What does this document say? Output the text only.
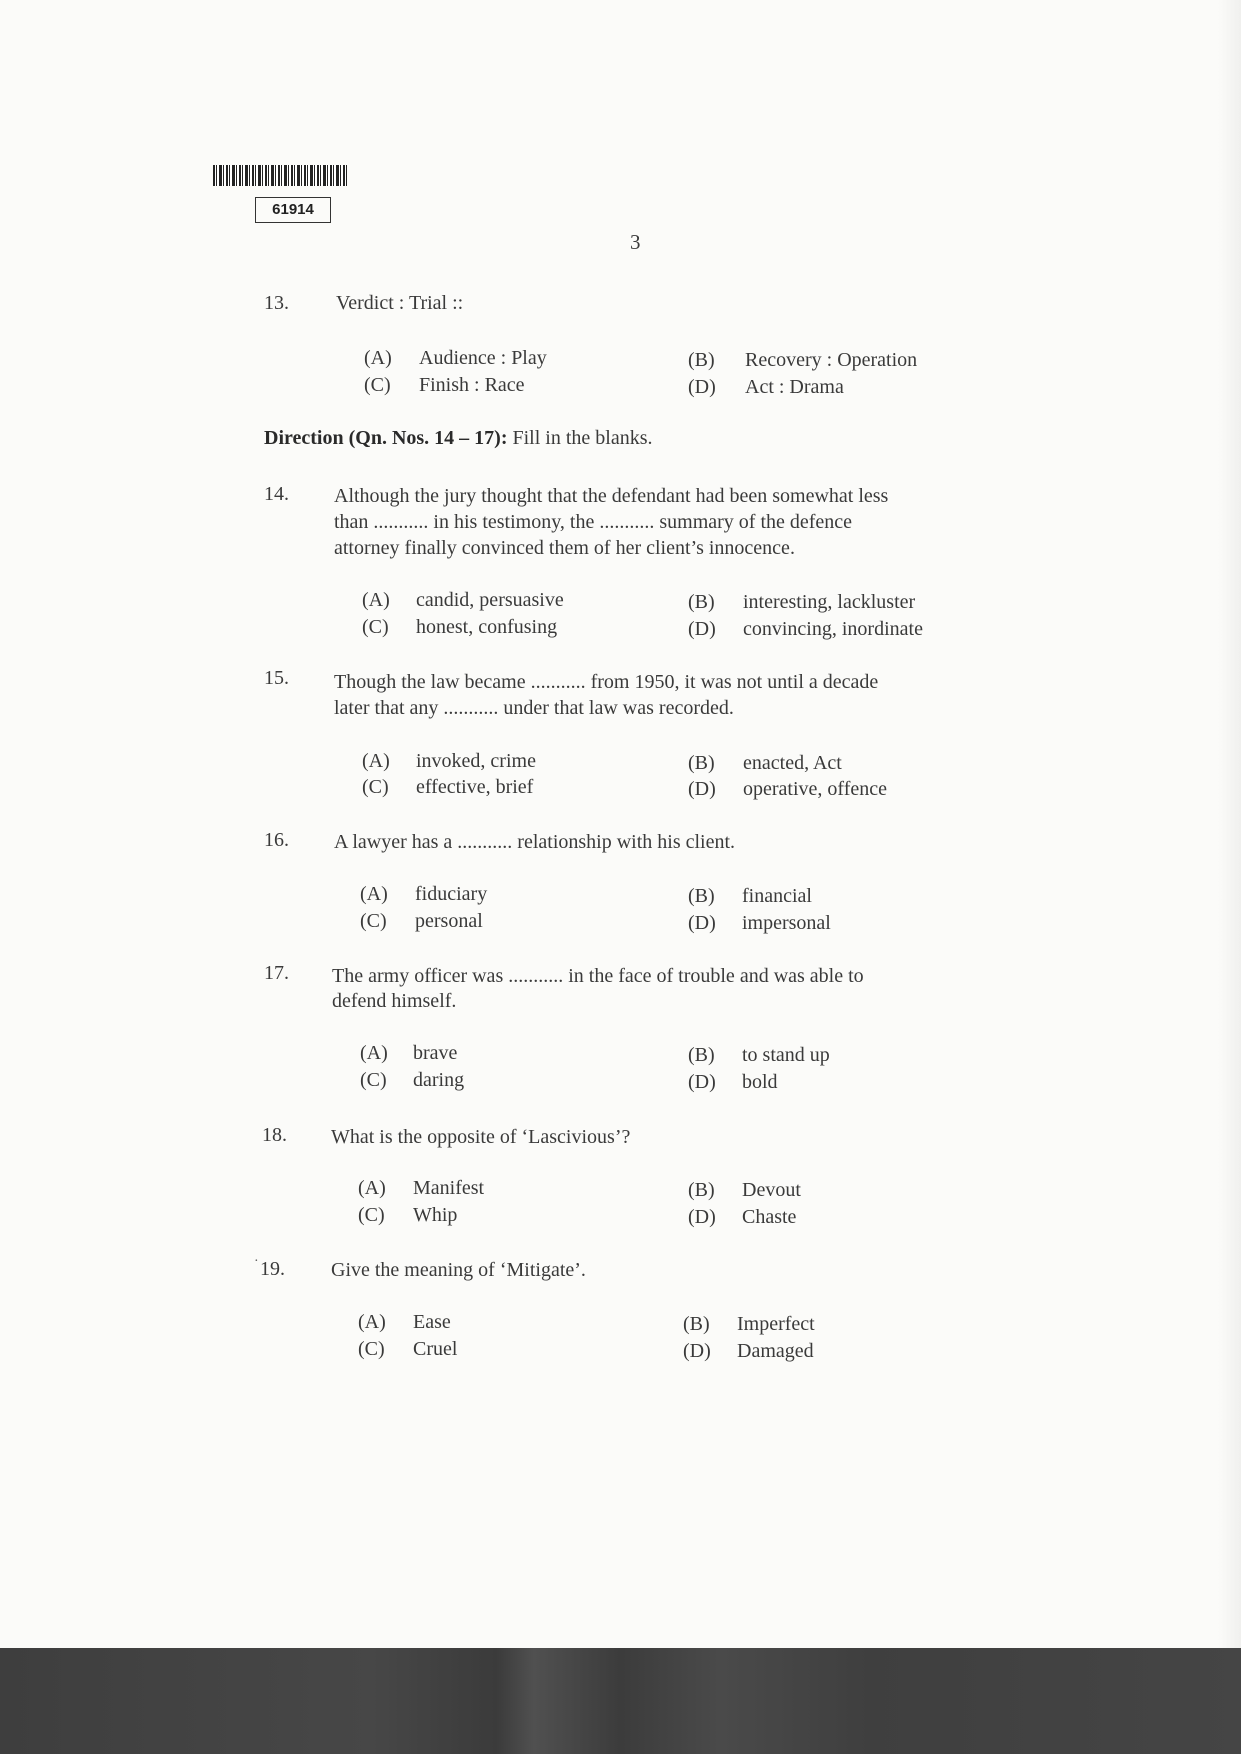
61914
3
Direction (Qn. Nos. 14 – 17): Fill in the blanks.
13. Verdict : Trial ::
(A) Audience : Play	(B) Recovery : Operation
(C) Finish : Race	(D) Act : Drama
14. Although the jury thought that the defendant had been somewhat less
than ........... in his testimony, the ........... summary of the defence
attorney finally convinced them of her client’s innocence.
(A) candid, persuasive	(B) interesting, lackluster
(C) honest, confusing	(D) convincing, inordinate
15. Though the law became ........... from 1950, it was not until a decade
later that any ........... under that law was recorded.
(A) invoked, crime	(B) enacted, Act
(C) effective, brief	(D) operative, offence
16. A lawyer has a ........... relationship with his client.
(A) fiduciary	(B) financial
(C) personal	(D) impersonal
17. The army officer was ........... in the face of trouble and was able to
defend himself.
(A) brave	(B) to stand up
(C) daring	(D) bold
18. What is the opposite of ‘Lascivious’?
(A) Manifest	(B) Devout
(C) Whip	(D) Chaste
· 19. Give the meaning of ‘Mitigate’.
(A) Ease	(B) Imperfect
(C) Cruel	(D) Damaged
